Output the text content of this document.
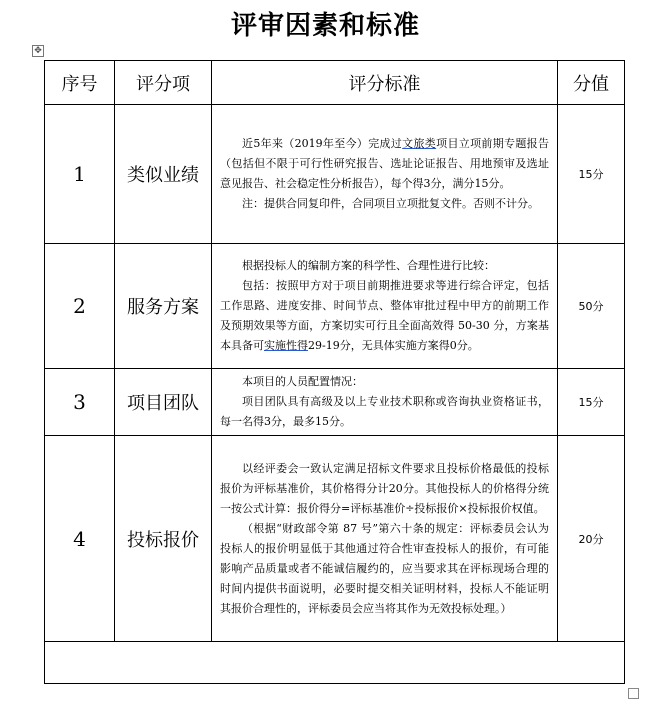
评审因素和标准
✥
序号	评分项	评分标准	分值
1	类似业绩	近5年来（2019年至今）完成过文旅类项目立项前期专题报告（包括但不限于可行性研究报告、选址论证报告、用地预审及选址意见报告、社会稳定性分析报告），每个得3分，满分15分。

注：提供合同复印件，合同项目立项批复文件。否则不计分。	15分
2	服务方案	根据投标人的编制方案的科学性、合理性进行比较：

包括：按照甲方对于项目前期推进要求等进行综合评定，包括工作思路、进度安排、时间节点、整体审批过程中甲方的前期工作及预期效果等方面，方案切实可行且全面高效得 50-30 分，方案基本具备可实施性得29-19分，无具体实施方案得0分。	50分
3	项目团队	本项目的人员配置情况：

项目团队具有高级及以上专业技术职称或咨询执业资格证书，每一名得3分，最多15分。	15分
4	投标报价	以经评委会一致认定满足招标文件要求且投标价格最低的投标报价为评标基准价，其价格得分计20分。其他投标人的价格得分统一按公式计算：报价得分=评标基准价÷投标报价×投标报价权值。

（根据“财政部令第 87 号”第六十条的规定：评标委员会认为投标人的报价明显低于其他通过符合性审查投标人的报价，有可能影响产品质量或者不能诚信履约的，应当要求其在评标现场合理的时间内提供书面说明，必要时提交相关证明材料，投标人不能证明其报价合理性的，评标委员会应当将其作为无效投标处理。）	20分
